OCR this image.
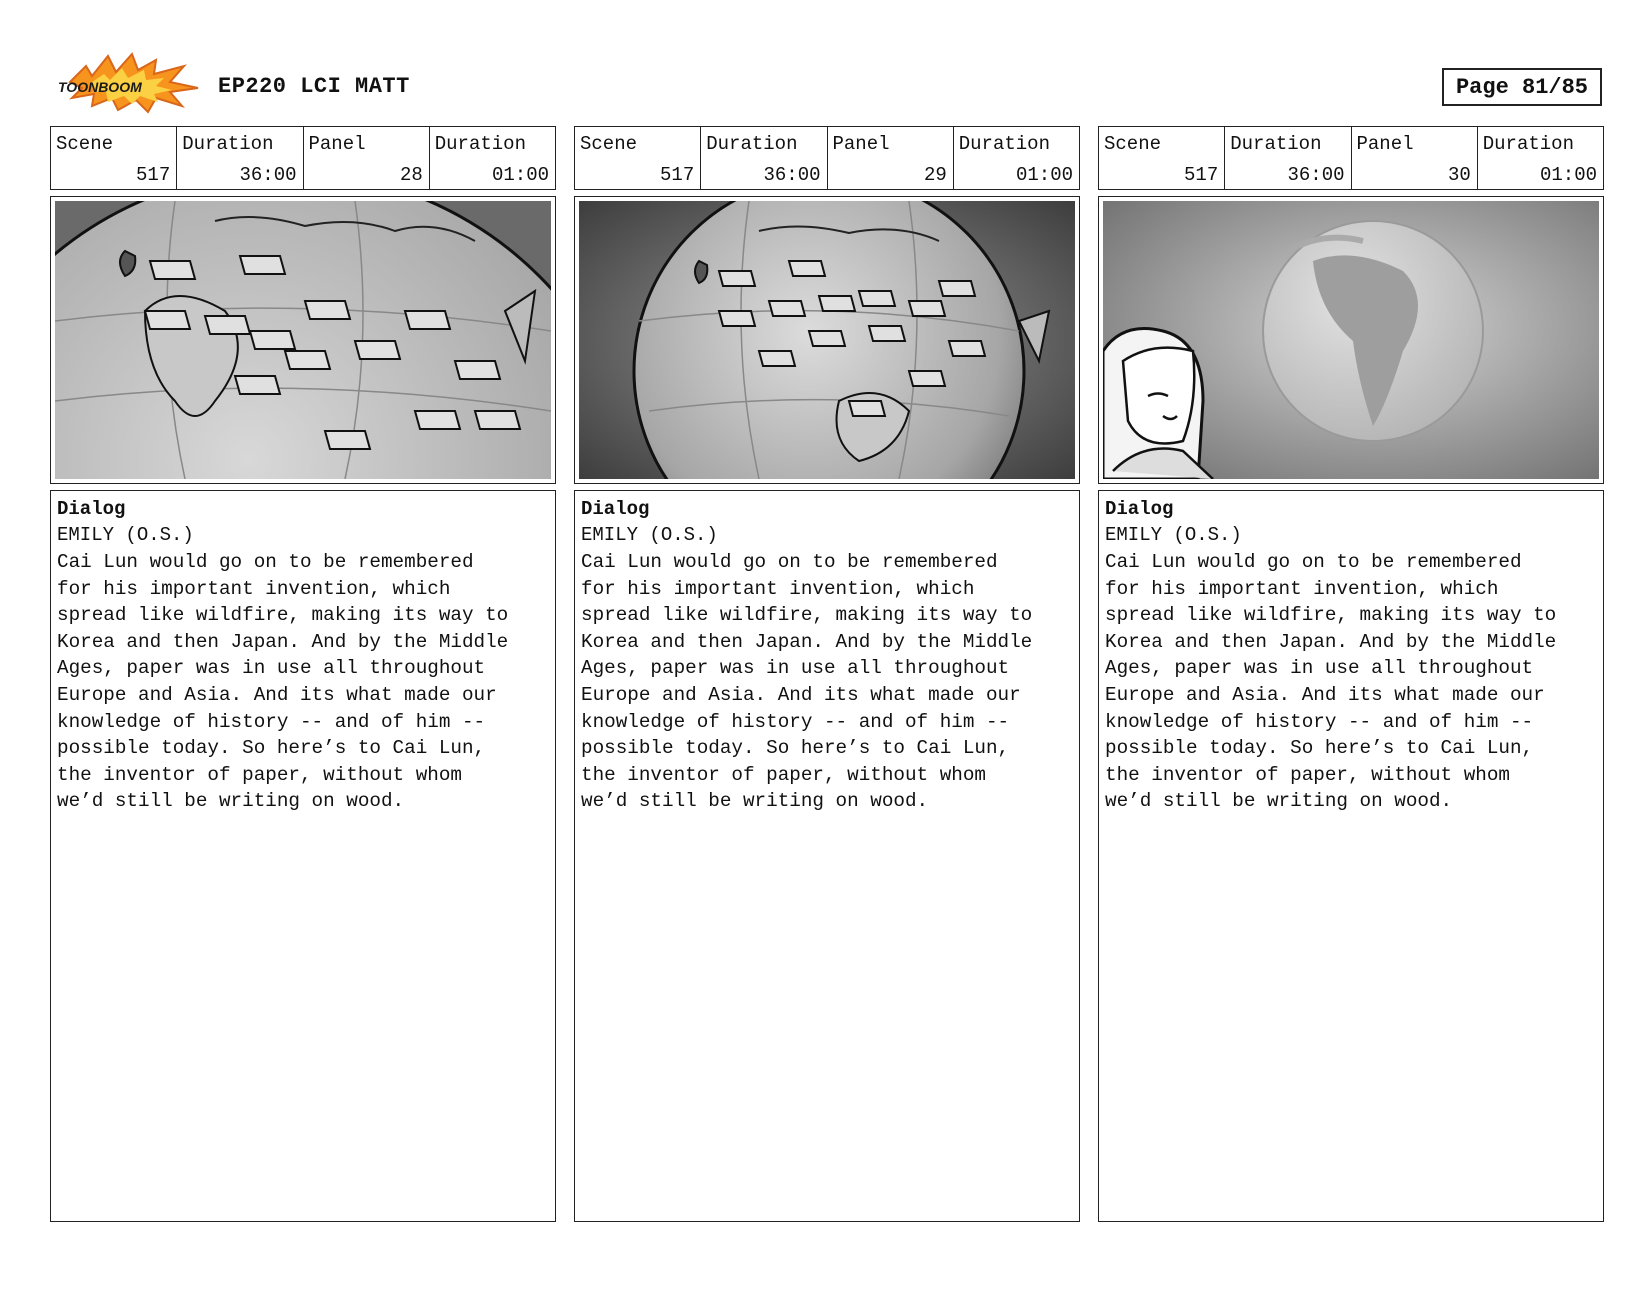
TOONBOOM	EP220 LCI MATT	Page 81/85
Scene
517
Duration
36:00
Panel
28
Duration
01:00
Dialog
EMILY (O.S.)
Cai Lun would go on to be remembered
for his important invention, which
spread like wildfire, making its way to
Korea and then Japan. And by the Middle
Ages, paper was in use all throughout
Europe and Asia. And its what made our
knowledge of history -- and of him --
possible today. So here’s to Cai Lun,
the inventor of paper, without whom
we’d still be writing on wood.
Scene
517
Duration
36:00
Panel
29
Duration
01:00
Dialog
EMILY (O.S.)
Cai Lun would go on to be remembered
for his important invention, which
spread like wildfire, making its way to
Korea and then Japan. And by the Middle
Ages, paper was in use all throughout
Europe and Asia. And its what made our
knowledge of history -- and of him --
possible today. So here’s to Cai Lun,
the inventor of paper, without whom
we’d still be writing on wood.
Scene
517
Duration
36:00
Panel
30
Duration
01:00
Dialog
EMILY (O.S.)
Cai Lun would go on to be remembered
for his important invention, which
spread like wildfire, making its way to
Korea and then Japan. And by the Middle
Ages, paper was in use all throughout
Europe and Asia. And its what made our
knowledge of history -- and of him --
possible today. So here’s to Cai Lun,
the inventor of paper, without whom
we’d still be writing on wood.
